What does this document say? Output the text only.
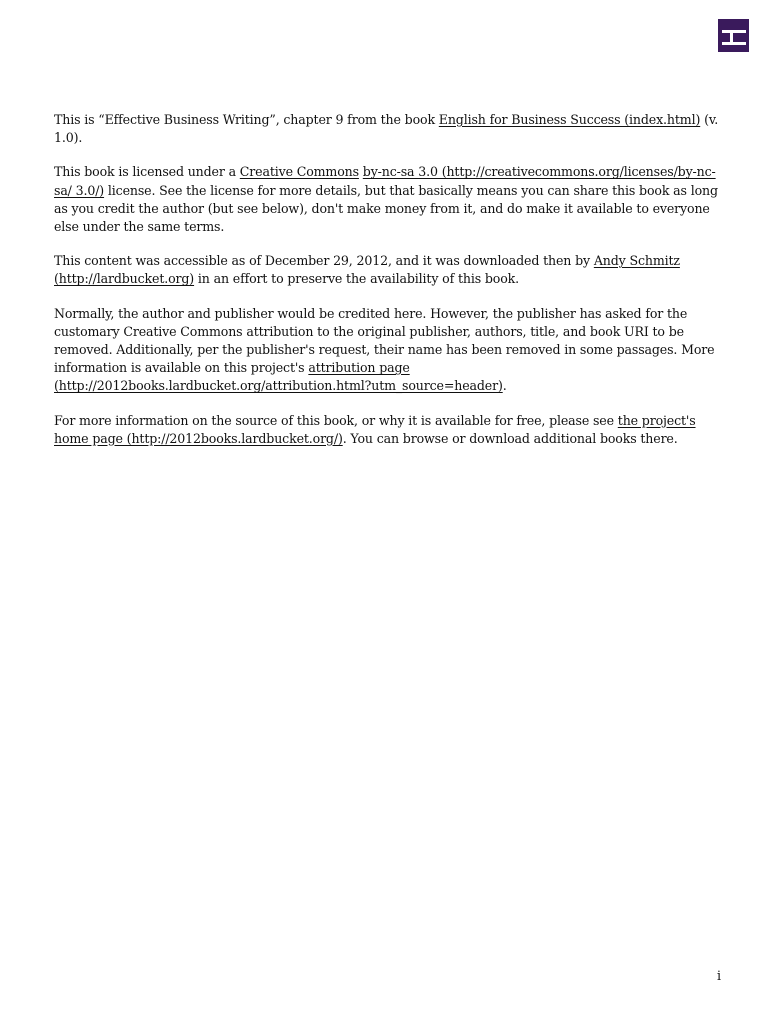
This is “Effective Business Writing”, chapter 9 from the book English for Business Success (index.html) (v. 1.0).

This book is licensed under a Creative Commons by-nc-sa 3.0 (http://creativecommons.org/licenses/by-nc-sa/ 3.0/) license. See the license for more details, but that basically means you can share this book as long as you credit the author (but see below), don't make money from it, and do make it available to everyone else under the same terms.

This content was accessible as of December 29, 2012, and it was downloaded then by Andy Schmitz (http://lardbucket.org) in an effort to preserve the availability of this book.

Normally, the author and publisher would be credited here. However, the publisher has asked for the customary Creative Commons attribution to the original publisher, authors, title, and book URI to be removed. Additionally, per the publisher's request, their name has been removed in some passages. More information is available on this project's attribution page (http://2012books.lardbucket.org/attribution.html?utm_source=header).

For more information on the source of this book, or why it is available for free, please see the project's home page (http://2012books.lardbucket.org/). You can browse or download additional books there.

i
